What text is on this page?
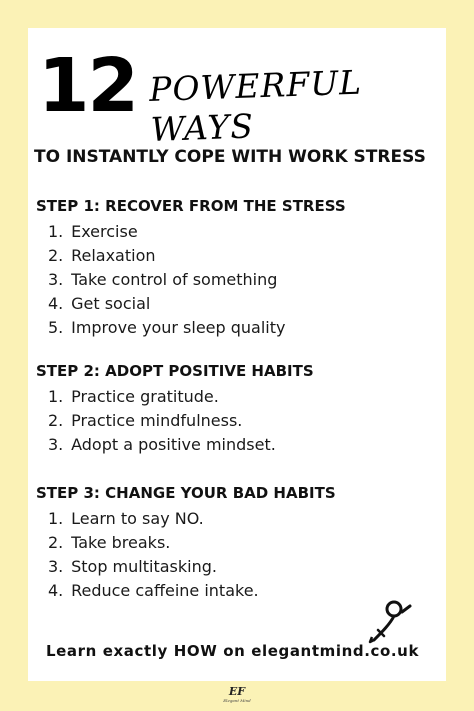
12 POWERFUL WAYS
TO INSTANTLY COPE WITH WORK STRESS
STEP 1: RECOVER FROM THE STRESS
1. Exercise
2. Relaxation
3. Take control of something
4. Get social
5. Improve your sleep quality
STEP 2: ADOPT POSITIVE HABITS
1. Practice gratitude.
2. Practice mindfulness.
3. Adopt a positive mindset.
STEP 3: CHANGE YOUR BAD HABITS
1. Learn to say NO.
2. Take breaks.
3. Stop multitasking.
4. Reduce caffeine intake.
Learn exactly HOW on elegantmind.co.uk
EF
Elegant Mind
